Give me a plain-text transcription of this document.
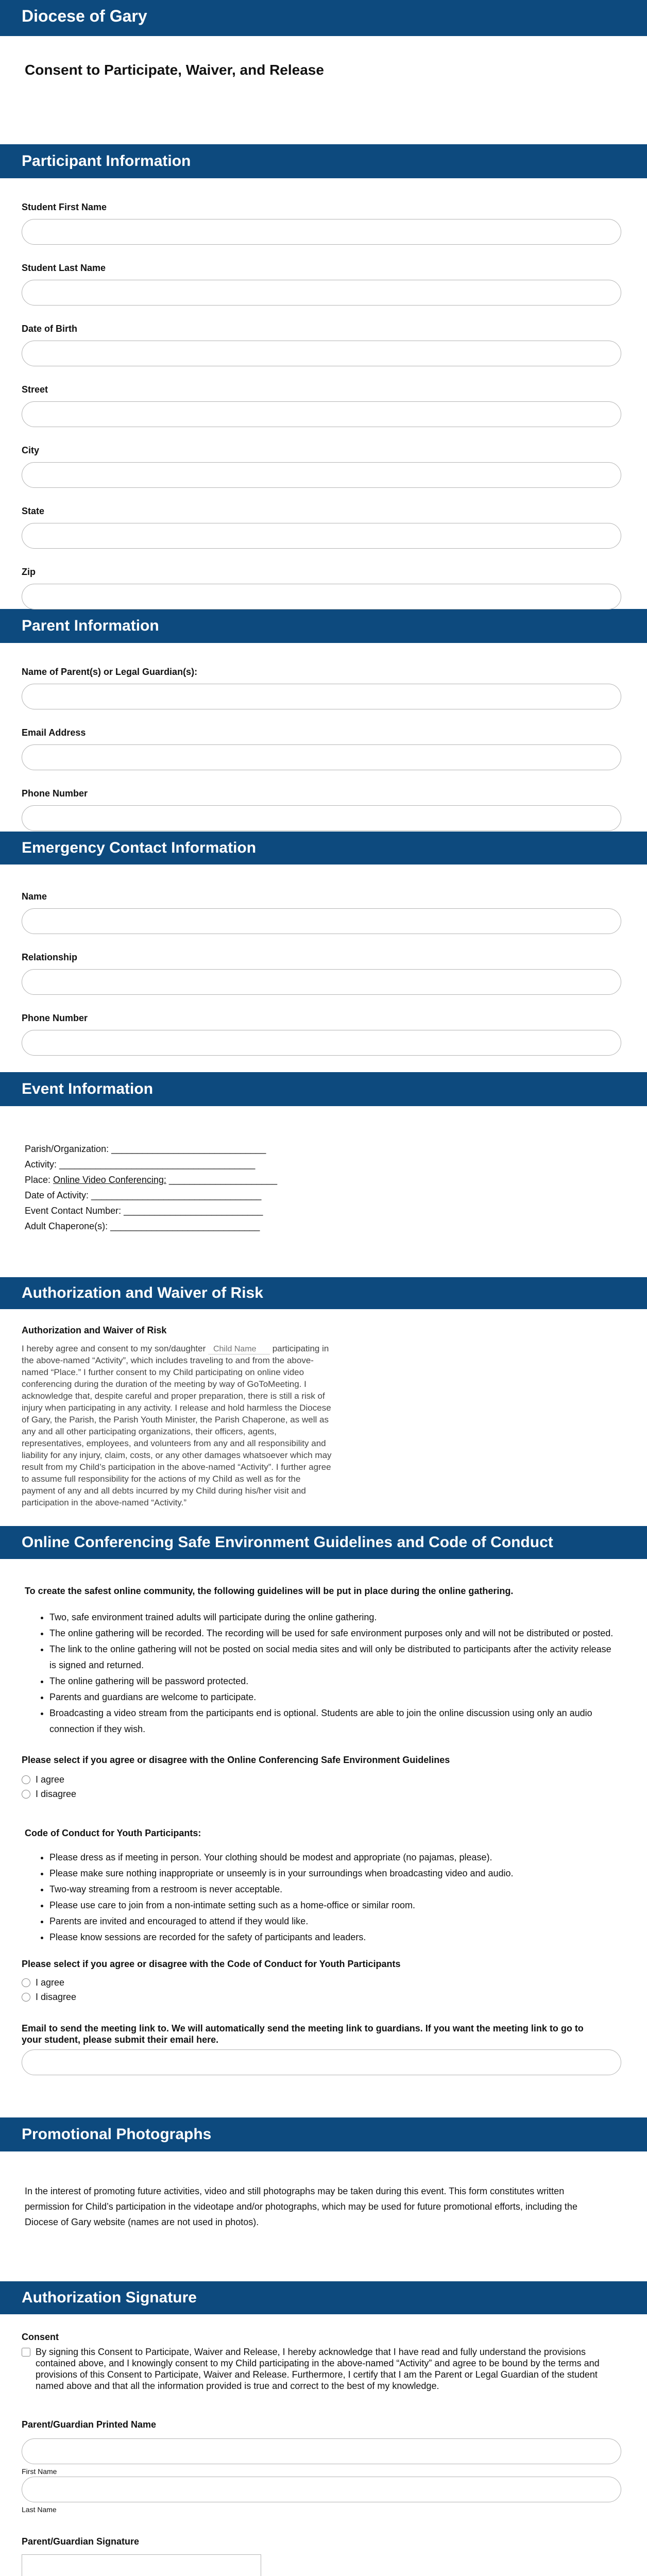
Diocese of Gary
Consent to Participate, Waiver, and Release
Participant Information
Student First Name
Student Last Name
Date of Birth
Street
City
State
Zip
Parent Information
Name of Parent(s) or Legal Guardian(s):
Email Address
Phone Number
Emergency Contact Information
Name
Relationship
Phone Number
Event Information
Parish/Organization: ______________________________
Activity: ______________________________________
Place: Online Video Conferencing: _____________________
Date of Activity: _________________________________
Event Contact Number: ___________________________
Adult Chaperone(s): _____________________________
Authorization and Waiver of Risk
Authorization and Waiver of Risk
I hereby agree and consent to my son/daughter Child Name	participating in the above-named “Activity”, which includes traveling to and from the above-named “Place.” I further consent to my Child participating on online video conferencing during the duration of the meeting by way of GoToMeeting. I acknowledge that, despite careful and proper preparation, there is still a risk of injury when participating in any activity. I release and hold harmless the Diocese of Gary, the Parish, the Parish Youth Minister, the Parish Chaperone, as well as any and all other participating organizations, their officers, agents, representatives, employees, and volunteers from any and all responsibility and liability for any injury, claim, costs, or any other damages whatsoever which may result from my Child’s participation in the above-named “Activity”. I further agree to assume full responsibility for the actions of my Child as well as for the payment of any and all debts incurred by my Child during his/her visit and participation in the above-named “Activity.”
Online Conferencing Safe Environment Guidelines and Code of Conduct
To create the safest online community, the following guidelines will be put in place during the online gathering.
• Two, safe environment trained adults will participate during the online gathering.
• The online gathering will be recorded. The recording will be used for safe environment purposes only and will not be distributed or posted.
• The link to the online gathering will not be posted on social media sites and will only be distributed to participants after the activity release is signed and returned.
• The online gathering will be password protected.
• Parents and guardians are welcome to participate.
• Broadcasting a video stream from the participants end is optional. Students are able to join the online discussion using only an audio connection if they wish.
Please select if you agree or disagree with the Online Conferencing Safe Environment Guidelines
I agree
I disagree
Code of Conduct for Youth Participants:
• Please dress as if meeting in person. Your clothing should be modest and appropriate (no pajamas, please).
• Please make sure nothing inappropriate or unseemly is in your surroundings when broadcasting video and audio.
• Two-way streaming from a restroom is never acceptable.
• Please use care to join from a non-intimate setting such as a home-office or similar room.
• Parents are invited and encouraged to attend if they would like.
• Please know sessions are recorded for the safety of participants and leaders.
Please select if you agree or disagree with the Code of Conduct for Youth Participants
I agree
I disagree
Email to send the meeting link to. We will automatically send the meeting link to guardians. If you want the meeting link to go to your student, please submit their email here.
Promotional Photographs
In the interest of promoting future activities, video and still photographs may be taken during this event. This form constitutes written permission for Child’s participation in the videotape and/or photographs, which may be used for future promotional efforts, including the Diocese of Gary website (names are not used in photos).
Authorization Signature
Consent
By signing this Consent to Participate, Waiver and Release, I hereby acknowledge that I have read and fully understand the provisions contained above, and I knowingly consent to my Child participating in the above-named “Activity” and agree to be bound by the terms and provisions of this Consent to Participate, Waiver and Release. Furthermore, I certify that I am the Parent or Legal Guardian of the student named above and that all the information provided is true and correct to the best of my knowledge.
Parent/Guardian Printed Name
First Name
Last Name
Parent/Guardian Signature
